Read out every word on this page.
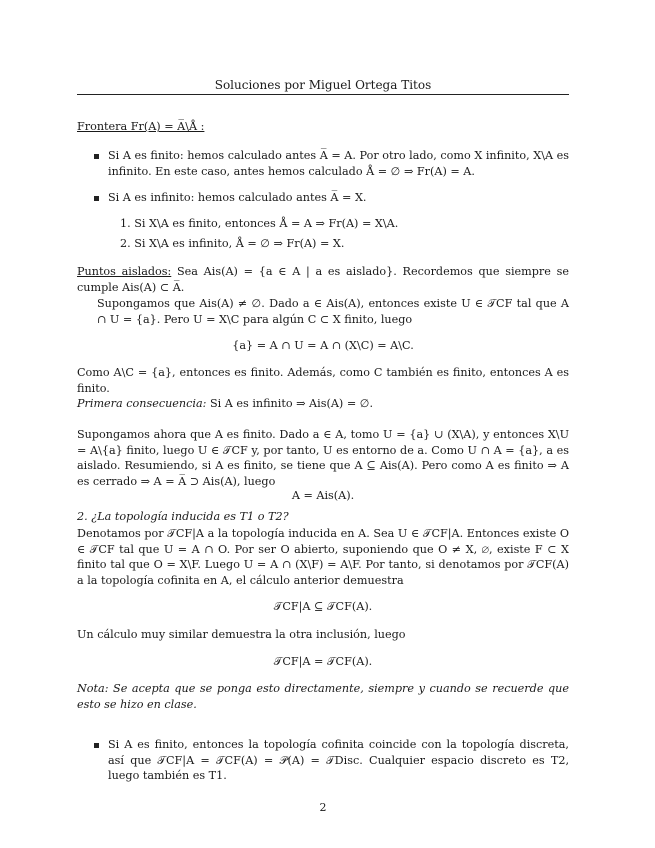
Soluciones por Miguel Ortega Titos
Frontera Fr(A) = A̅\Å :
Si A es finito: hemos calculado antes A̅ = A. Por otro lado, como X infinito, X\A es infinito. En este caso, antes hemos calculado Å = ∅ ⇒ Fr(A) = A.
Si A es infinito: hemos calculado antes A̅ = X.
1. Si X\A es finito, entonces Å = A ⇒ Fr(A) = X\A.
2. Si X\A es infinito, Å = ∅ ⇒ Fr(A) = X.
Puntos aislados: Sea Ais(A) = {a ∈ A | a es aislado}. Recordemos que siempre se cumple Ais(A) ⊂ A̅.
Supongamos que Ais(A) ≠ ∅. Dado a ∈ Ais(A), entonces existe U ∈ 𝒯CF tal que A ∩ U = {a}. Pero U = X\C para algún C ⊂ X finito, luego
{a} = A ∩ U = A ∩ (X\C) = A\C.
Como A\C = {a}, entonces es finito. Además, como C también es finito, entonces A es finito.
Primera consecuencia: Si A es infinito ⇒ Ais(A) = ∅.
Supongamos ahora que A es finito. Dado a ∈ A, tomo U = {a} ∪ (X\A), y entonces X\U = A\{a} finito, luego U ∈ 𝒯CF y, por tanto, U es entorno de a. Como U ∩ A = {a}, a es aislado. Resumiendo, si A es finito, se tiene que A ⊆ Ais(A). Pero como A es finito ⇒ A es cerrado ⇒ A = A̅ ⊃ Ais(A), luego
A = Ais(A).
2. ¿La topología inducida es T1 o T2?
Denotamos por 𝒯CF|A a la topología inducida en A. Sea U ∈ 𝒯CF|A. Entonces existe O ∈ 𝒯CF tal que U = A ∩ O. Por ser O abierto, suponiendo que O ≠ X, ∅, existe F ⊂ X finito tal que O = X\F. Luego U = A ∩ (X\F) = A\F. Por tanto, si denotamos por 𝒯CF(A) a la topología cofinita en A, el cálculo anterior demuestra
𝒯CF|A ⊆ 𝒯CF(A).
Un cálculo muy similar demuestra la otra inclusión, luego
𝒯CF|A = 𝒯CF(A).
Nota: Se acepta que se ponga esto directamente, siempre y cuando se recuerde que esto se hizo en clase.
Si A es finito, entonces la topología cofinita coincide con la topología discreta, así que 𝒯CF|A = 𝒯CF(A) = 𝒫(A) = 𝒯Disc. Cualquier espacio discreto es T2, luego también es T1.
2
